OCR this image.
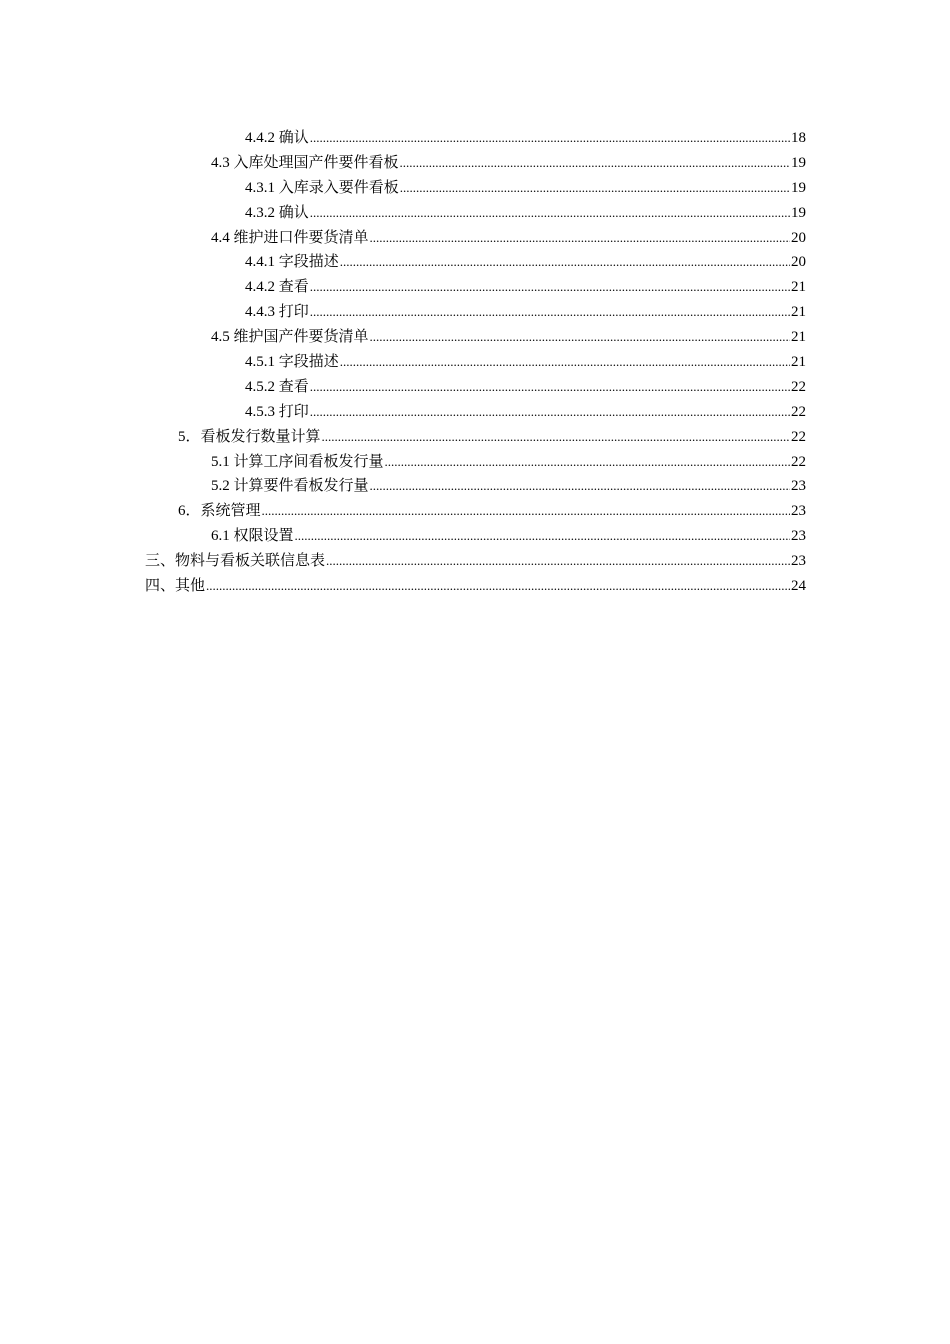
4.4.2 确认 .....	18
4.3 入库处理国产件要件看板 .....	19
4.3.1 入库录入要件看板 .....	19
4.3.2 确认 .....	19
4.4 维护进口件要货清单 .....	20
4.4.1 字段描述 .....	20
4.4.2 查看 .....	21
4.4.3 打印 .....	21
4.5 维护国产件要货清单 .....	21
4.5.1 字段描述 .....	21
4.5.2 查看 .....	22
4.5.3 打印 .....	22
5．看板发行数量计算 .....	22
5.1 计算工序间看板发行量 .....	22
5.2 计算要件看板发行量 .....	23
6．系统管理 .....	23
6.1 权限设置 .....	23
三、物料与看板关联信息表 .....	23
四、其他 .....	24
